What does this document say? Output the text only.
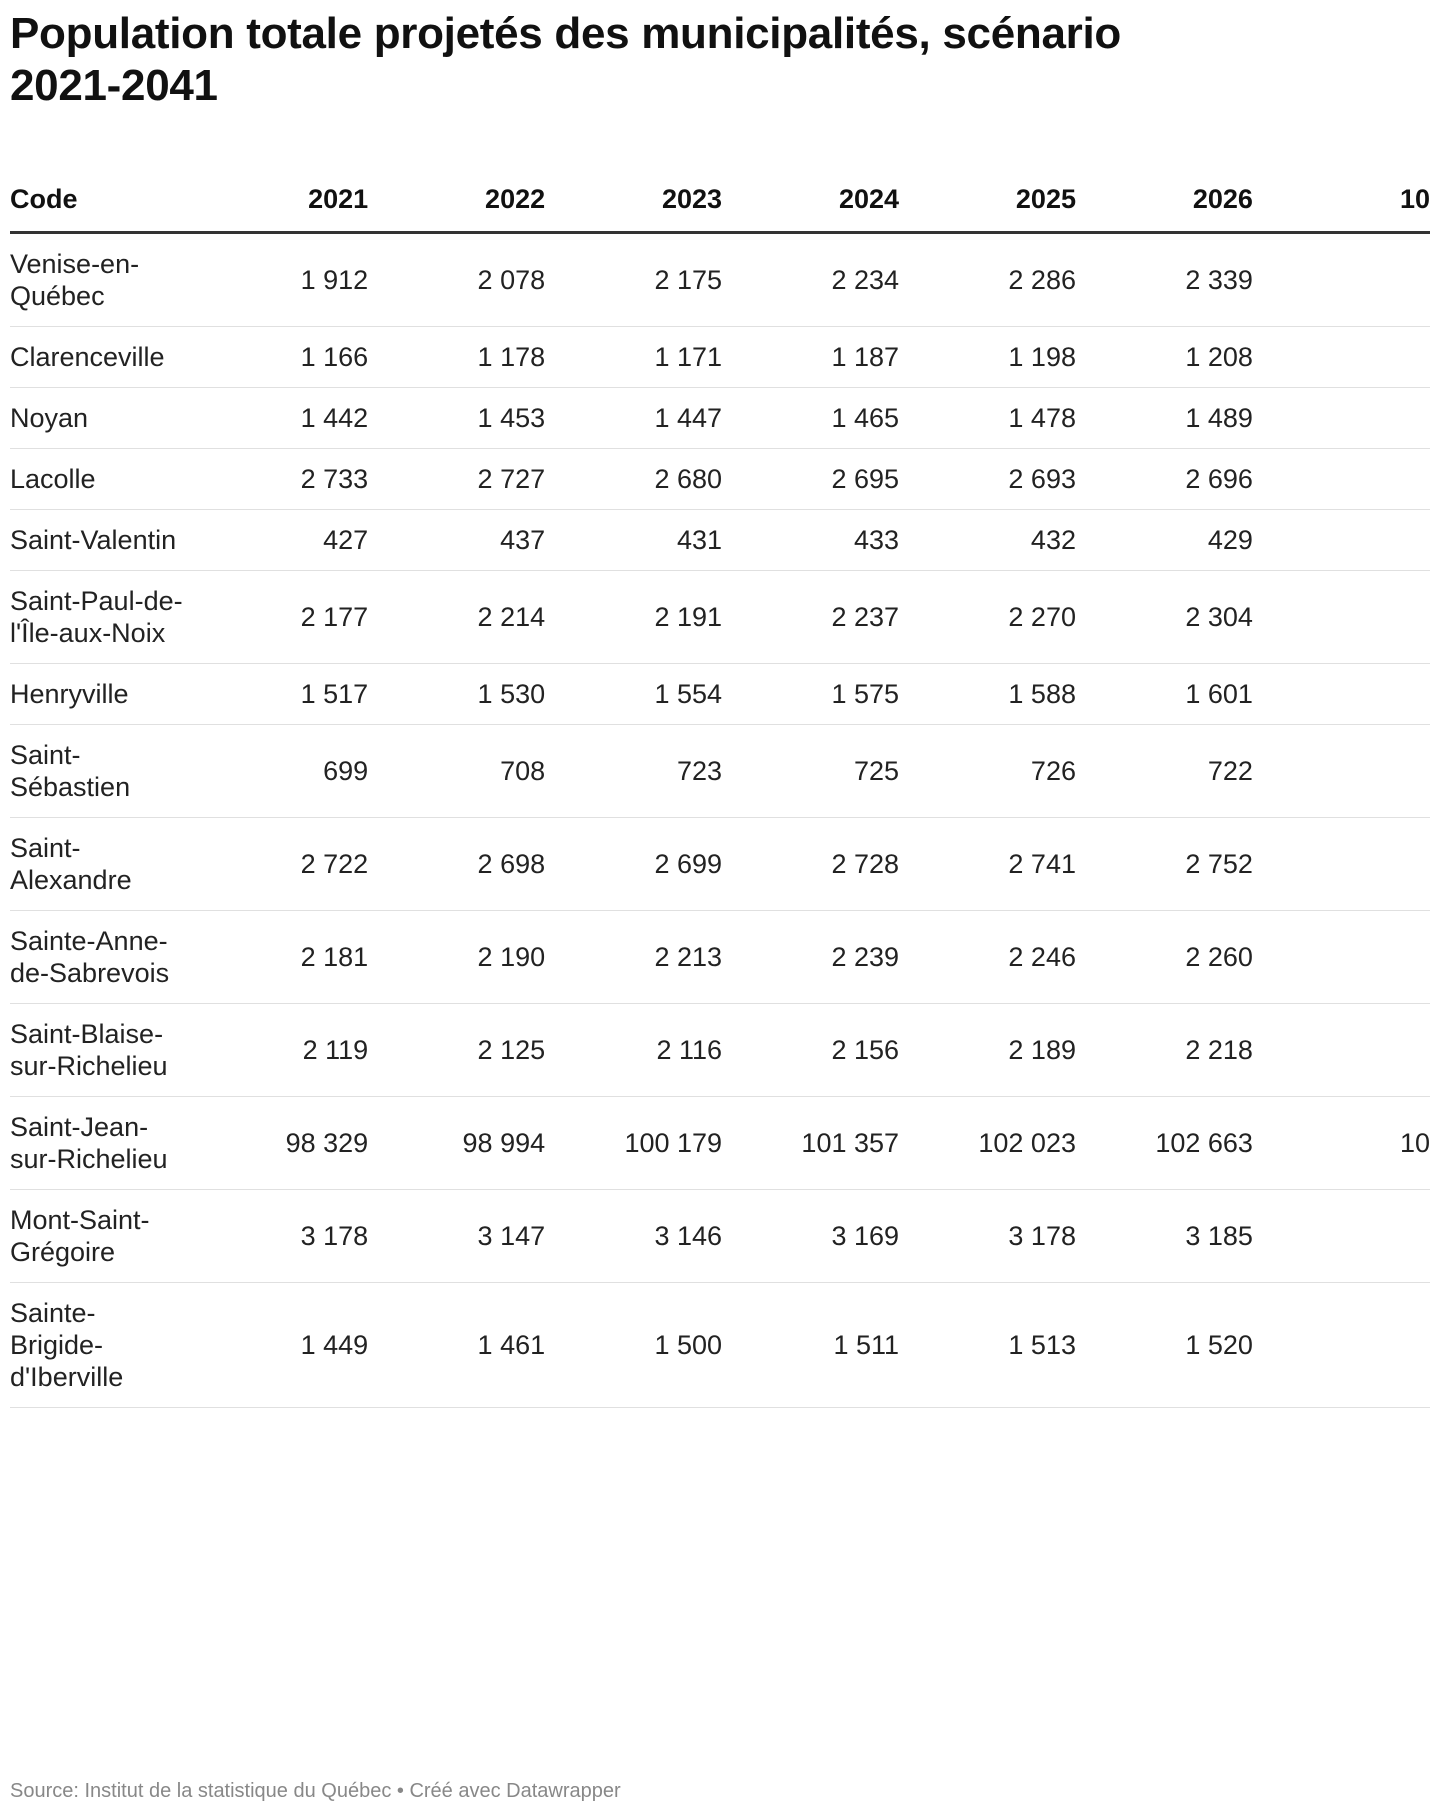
Population totale projetés des municipalités, scénario 2021-2041
Code	2021	2022	2023	2024	2025	2026	10
Venise-en-Québec	1 912	2 078	2 175	2 234	2 286	2 339	
Clarenceville	1 166	1 178	1 171	1 187	1 198	1 208	
Noyan	1 442	1 453	1 447	1 465	1 478	1 489	
Lacolle	2 733	2 727	2 680	2 695	2 693	2 696	
Saint-Valentin	427	437	431	433	432	429	
Saint-Paul-de-l'Île-aux-Noix	2 177	2 214	2 191	2 237	2 270	2 304	
Henryville	1 517	1 530	1 554	1 575	1 588	1 601	
Saint-Sébastien	699	708	723	725	726	722	
Saint-Alexandre	2 722	2 698	2 699	2 728	2 741	2 752	
Sainte-Anne-de-Sabrevois	2 181	2 190	2 213	2 239	2 246	2 260	
Saint-Blaise-sur-Richelieu	2 119	2 125	2 116	2 156	2 189	2 218	
Saint-Jean-sur-Richelieu	98 329	98 994	100 179	101 357	102 023	102 663	10
Mont-Saint-Grégoire	3 178	3 147	3 146	3 169	3 178	3 185	
Sainte-Brigide-d'Iberville	1 449	1 461	1 500	1 511	1 513	1 520	
Source: Institut de la statistique du Québec • Créé avec Datawrapper
